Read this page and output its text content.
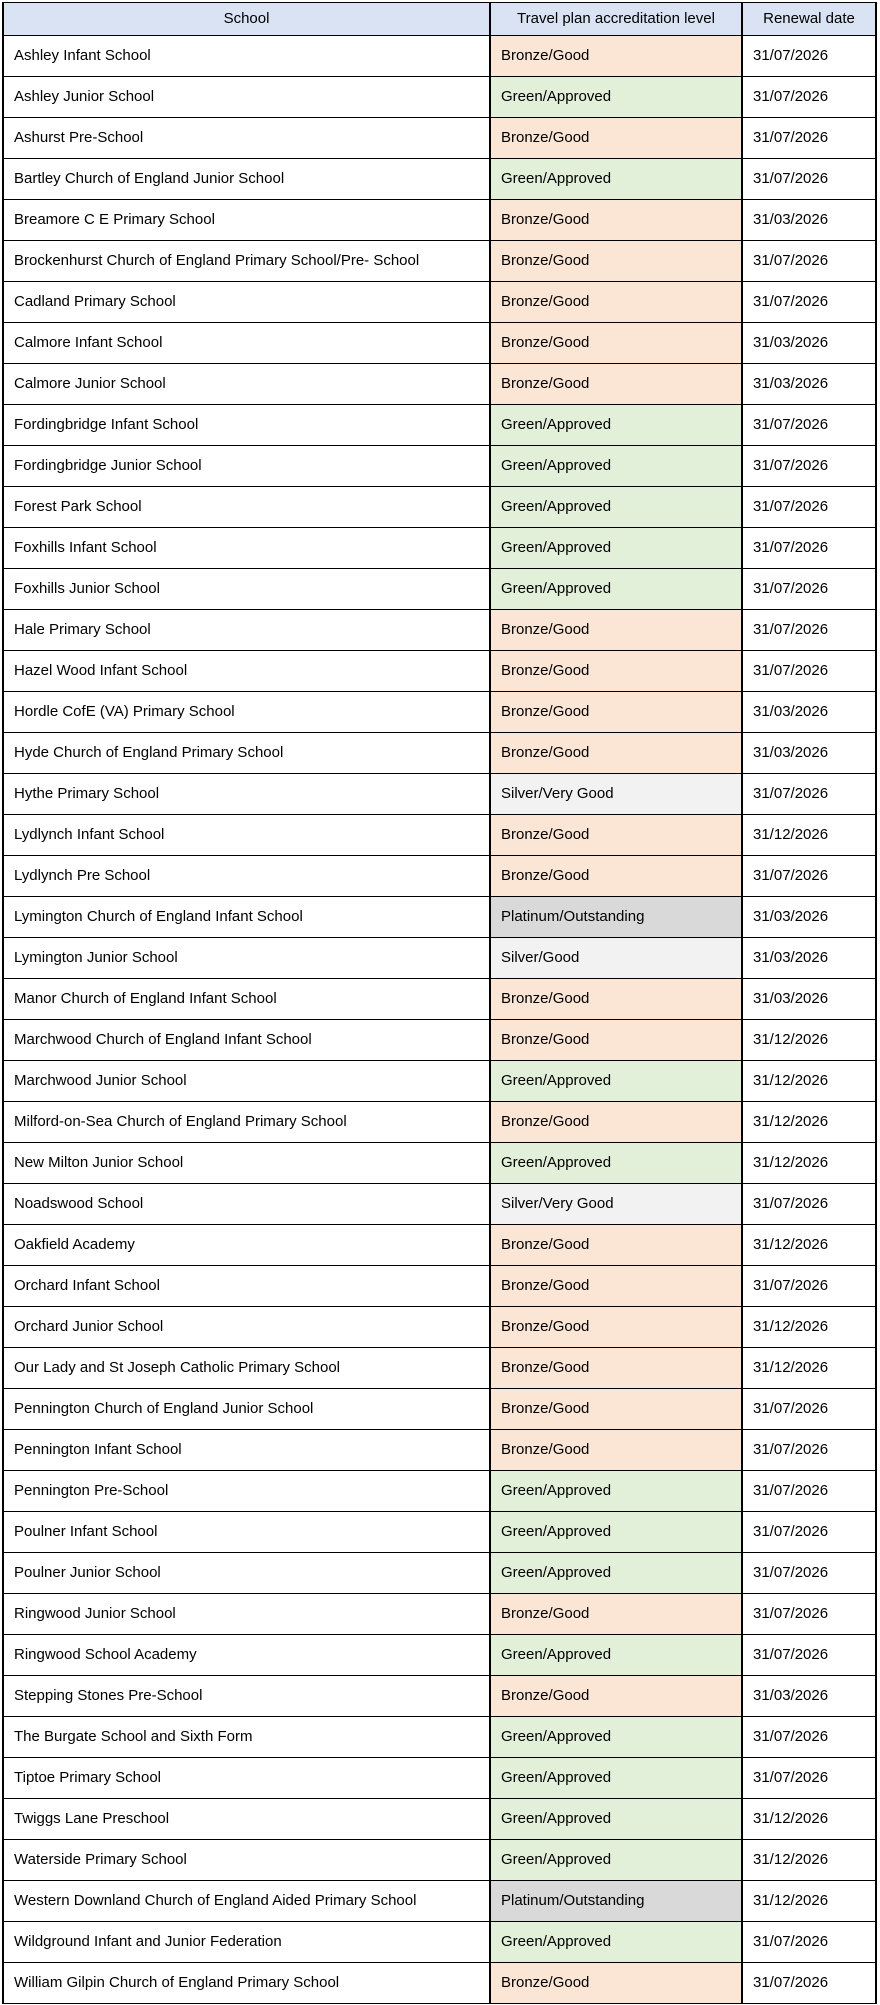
School	Travel plan accreditation level	Renewal date
Ashley Infant School	Bronze/Good	31/07/2026
Ashley Junior School	Green/Approved	31/07/2026
Ashurst Pre-School	Bronze/Good	31/07/2026
Bartley Church of England Junior School	Green/Approved	31/07/2026
Breamore C E Primary School	Bronze/Good	31/03/2026
Brockenhurst Church of England Primary School/Pre- School	Bronze/Good	31/07/2026
Cadland Primary School	Bronze/Good	31/07/2026
Calmore Infant School	Bronze/Good	31/03/2026
Calmore Junior School	Bronze/Good	31/03/2026
Fordingbridge Infant School	Green/Approved	31/07/2026
Fordingbridge Junior School	Green/Approved	31/07/2026
Forest Park School	Green/Approved	31/07/2026
Foxhills Infant School	Green/Approved	31/07/2026
Foxhills Junior School	Green/Approved	31/07/2026
Hale Primary School	Bronze/Good	31/07/2026
Hazel Wood Infant School	Bronze/Good	31/07/2026
Hordle CofE (VA) Primary School	Bronze/Good	31/03/2026
Hyde Church of England Primary School	Bronze/Good	31/03/2026
Hythe Primary School	Silver/Very Good	31/07/2026
Lydlynch Infant School	Bronze/Good	31/12/2026
Lydlynch Pre School	Bronze/Good	31/07/2026
Lymington Church of England Infant School	Platinum/Outstanding	31/03/2026
Lymington Junior School	Silver/Good	31/03/2026
Manor Church of England Infant School	Bronze/Good	31/03/2026
Marchwood Church of England Infant School	Bronze/Good	31/12/2026
Marchwood Junior School	Green/Approved	31/12/2026
Milford-on-Sea Church of England Primary School	Bronze/Good	31/12/2026
New Milton Junior School	Green/Approved	31/12/2026
Noadswood School	Silver/Very Good	31/07/2026
Oakfield Academy	Bronze/Good	31/12/2026
Orchard Infant School	Bronze/Good	31/07/2026
Orchard Junior School	Bronze/Good	31/12/2026
Our Lady and St Joseph Catholic Primary School	Bronze/Good	31/12/2026
Pennington Church of England Junior School	Bronze/Good	31/07/2026
Pennington Infant School	Bronze/Good	31/07/2026
Pennington Pre-School	Green/Approved	31/07/2026
Poulner Infant School	Green/Approved	31/07/2026
Poulner Junior School	Green/Approved	31/07/2026
Ringwood Junior School	Bronze/Good	31/07/2026
Ringwood School Academy	Green/Approved	31/07/2026
Stepping Stones Pre-School	Bronze/Good	31/03/2026
The Burgate School and Sixth Form	Green/Approved	31/07/2026
Tiptoe Primary School	Green/Approved	31/07/2026
Twiggs Lane Preschool	Green/Approved	31/12/2026
Waterside Primary School	Green/Approved	31/12/2026
Western Downland Church of England Aided Primary School	Platinum/Outstanding	31/12/2026
Wildground Infant and Junior Federation	Green/Approved	31/07/2026
William Gilpin Church of England Primary School	Bronze/Good	31/07/2026
